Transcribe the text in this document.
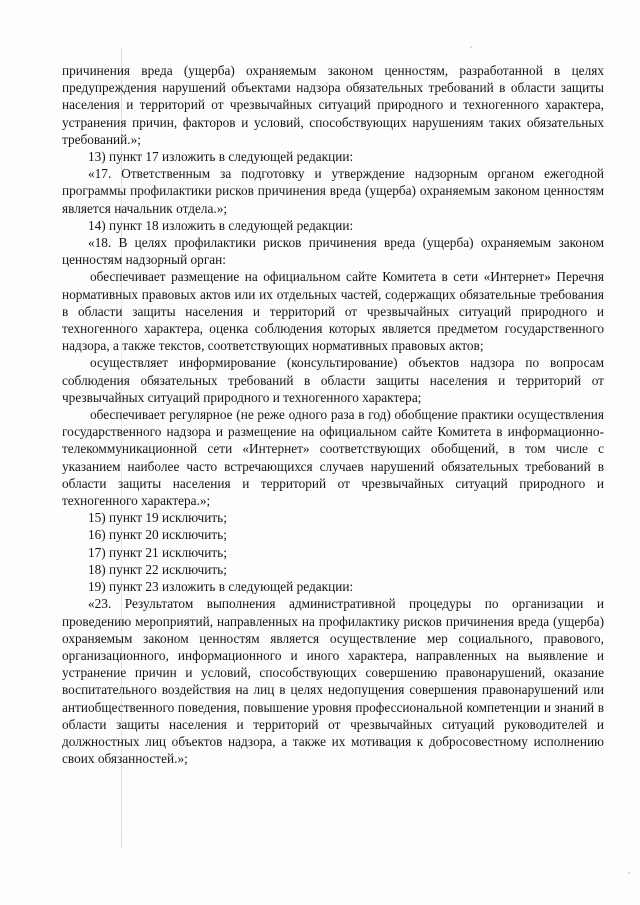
причинения вреда (ущерба) охраняемым законом ценностям, разработанной в целях предупреждения нарушений объектами надзора обязательных требований в области защиты населения и территорий от чрезвычайных ситуаций природного и техногенного характера, устранения причин, факторов и условий, способствующих нарушениям таких обязательных требований.»;

13) пункт 17 изложить в следующей редакции:

«17. Ответственным за подготовку и утверждение надзорным органом ежегодной программы профилактики рисков причинения вреда (ущерба) охраняемым законом ценностям является начальник отдела.»;

14) пункт 18 изложить в следующей редакции:

«18. В целях профилактики рисков причинения вреда (ущерба) охраняемым законом ценностям надзорный орган:

обеспечивает размещение на официальном сайте Комитета в сети «Интернет» Перечня нормативных правовых актов или их отдельных частей, содержащих обязательные требования в области защиты населения и территорий от чрезвычайных ситуаций природного и техногенного характера, оценка соблюдения которых является предметом государственного надзора, а также текстов, соответствующих нормативных правовых актов;

осуществляет информирование (консультирование) объектов надзора по вопросам соблюдения обязательных требований в области защиты населения и территорий от чрезвычайных ситуаций природного и техногенного характера;

обеспечивает регулярное (не реже одного раза в год) обобщение практики осуществления государственного надзора и размещение на официальном сайте Комитета в информационно-телекоммуникационной сети «Интернет» соответствующих обобщений, в том числе с указанием наиболее часто встречающихся случаев нарушений обязательных требований в области защиты населения и территорий от чрезвычайных ситуаций природного и техногенного характера.»;

15) пункт 19 исключить;

16) пункт 20 исключить;

17) пункт 21 исключить;

18) пункт 22 исключить;

19) пункт 23 изложить в следующей редакции:

«23. Результатом выполнения административной процедуры по организации и проведению мероприятий, направленных на профилактику рисков причинения вреда (ущерба) охраняемым законом ценностям является осуществление мер социального, правового, организационного, информационного и иного характера, направленных на выявление и устранение причин и условий, способствующих совершению правонарушений, оказание воспитательного воздействия на лиц в целях недопущения совершения правонарушений или антиобщественного поведения, повышение уровня профессиональной компетенции и знаний в области защиты населения и территорий от чрезвычайных ситуаций руководителей и должностных лиц объектов надзора, а также их мотивация к добросовестному исполнению своих обязанностей.»;
